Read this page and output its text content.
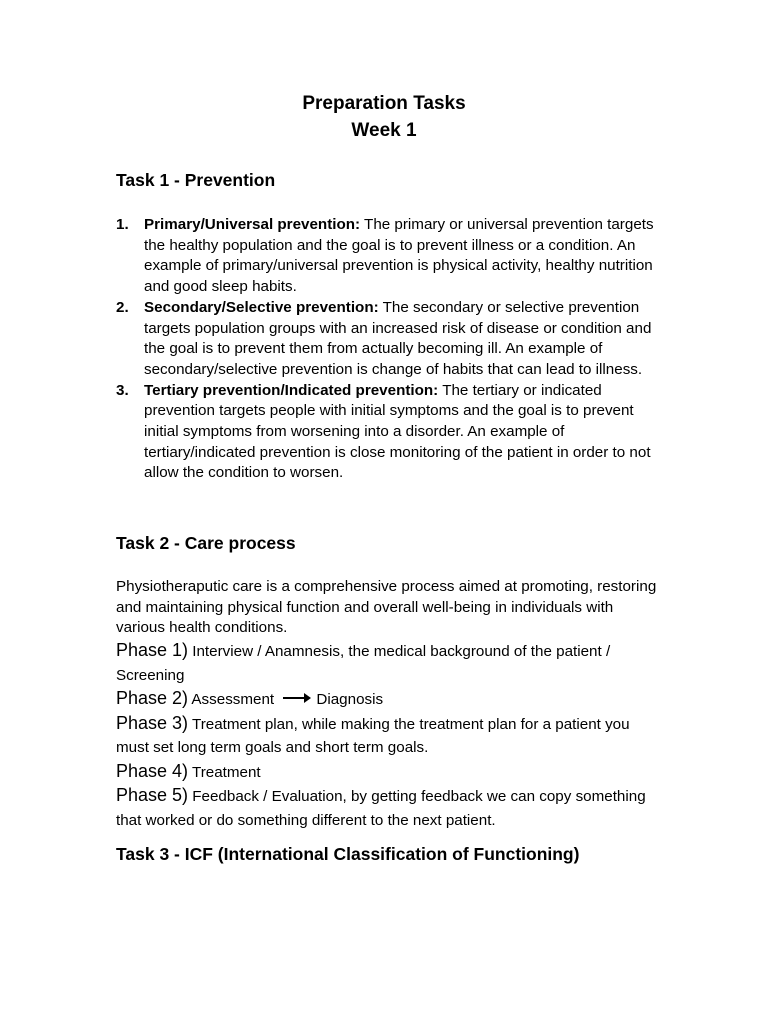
Preparation Tasks
Week 1
Task 1 - Prevention
1. Primary/Universal prevention: The primary or universal prevention targets the healthy population and the goal is to prevent illness or a condition. An example of primary/universal prevention is physical activity, healthy nutrition and good sleep habits.
2. Secondary/Selective prevention: The secondary or selective prevention targets population groups with an increased risk of disease or condition and the goal is to prevent them from actually becoming ill. An example of secondary/selective prevention is change of habits that can lead to illness.
3. Tertiary prevention/Indicated prevention: The tertiary or indicated prevention targets people with initial symptoms and the goal is to prevent initial symptoms from worsening into a disorder. An example of tertiary/indicated prevention is close monitoring of the patient in order to not allow the condition to worsen.
Task 2 - Care process

Physiotheraputic care is a comprehensive process aimed at promoting, restoring and maintaining physical function and overall well-being in individuals with various health conditions.

Phase 1) Interview / Anamnesis, the medical background of the patient / Screening

Phase 2) Assessment	Diagnosis

Phase 3) Treatment plan, while making the treatment plan for a patient you must set long term goals and short term goals.

Phase 4) Treatment

Phase 5) Feedback / Evaluation, by getting feedback we can copy something that worked or do something different to the next patient.

Task 3 - ICF (International Classification of Functioning)
